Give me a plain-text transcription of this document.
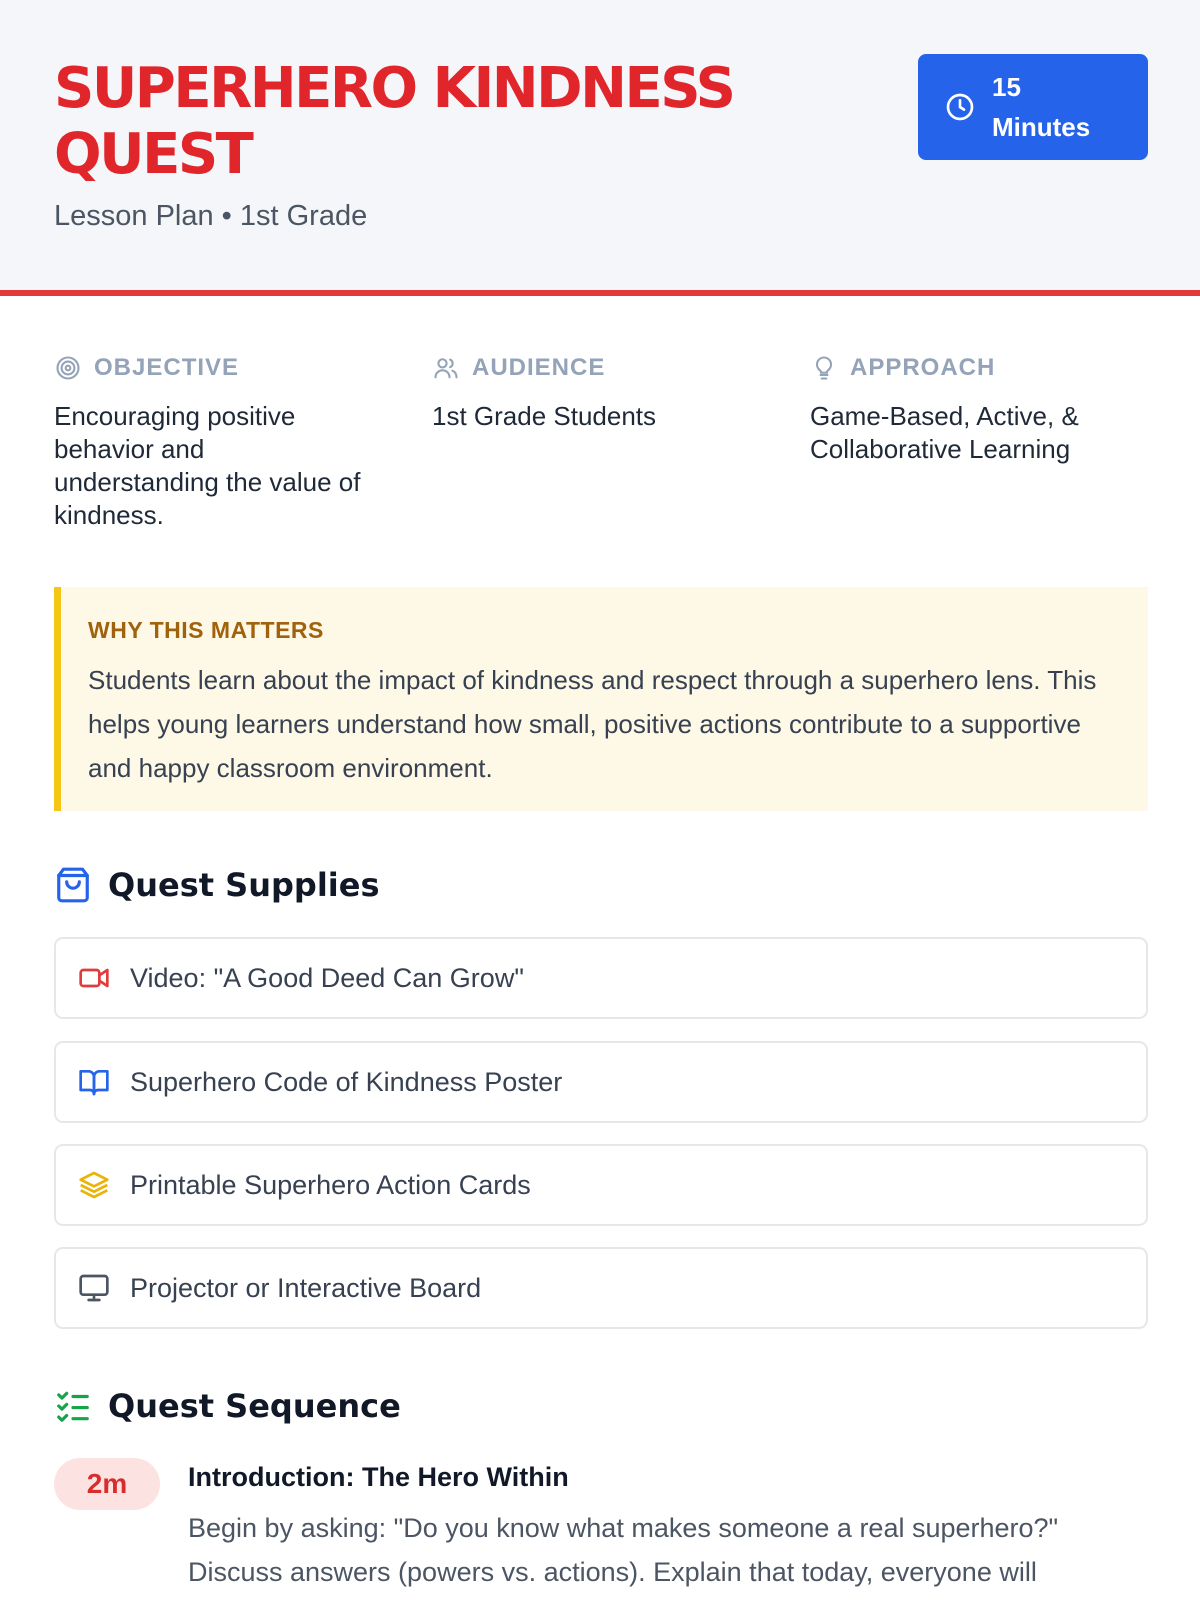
SUPERHERO KINDNESS QUEST
Lesson Plan • 1st Grade
15
Minutes
OBJECTIVE
Encouraging positive behavior and understanding the value of kindness.
AUDIENCE
1st Grade Students
APPROACH
Game-Based, Active, & Collaborative Learning
WHY THIS MATTERS
Students learn about the impact of kindness and respect through a superhero lens. This helps young learners understand how small, positive actions contribute to a supportive and happy classroom environment.
Quest Supplies
Video: "A Good Deed Can Grow"
Superhero Code of Kindness Poster
Printable Superhero Action Cards
Projector or Interactive Board
Quest Sequence
2m	Introduction: The Hero Within
Begin by asking: "Do you know what makes someone a real superhero?" Discuss answers (powers vs. actions). Explain that today, everyone will
